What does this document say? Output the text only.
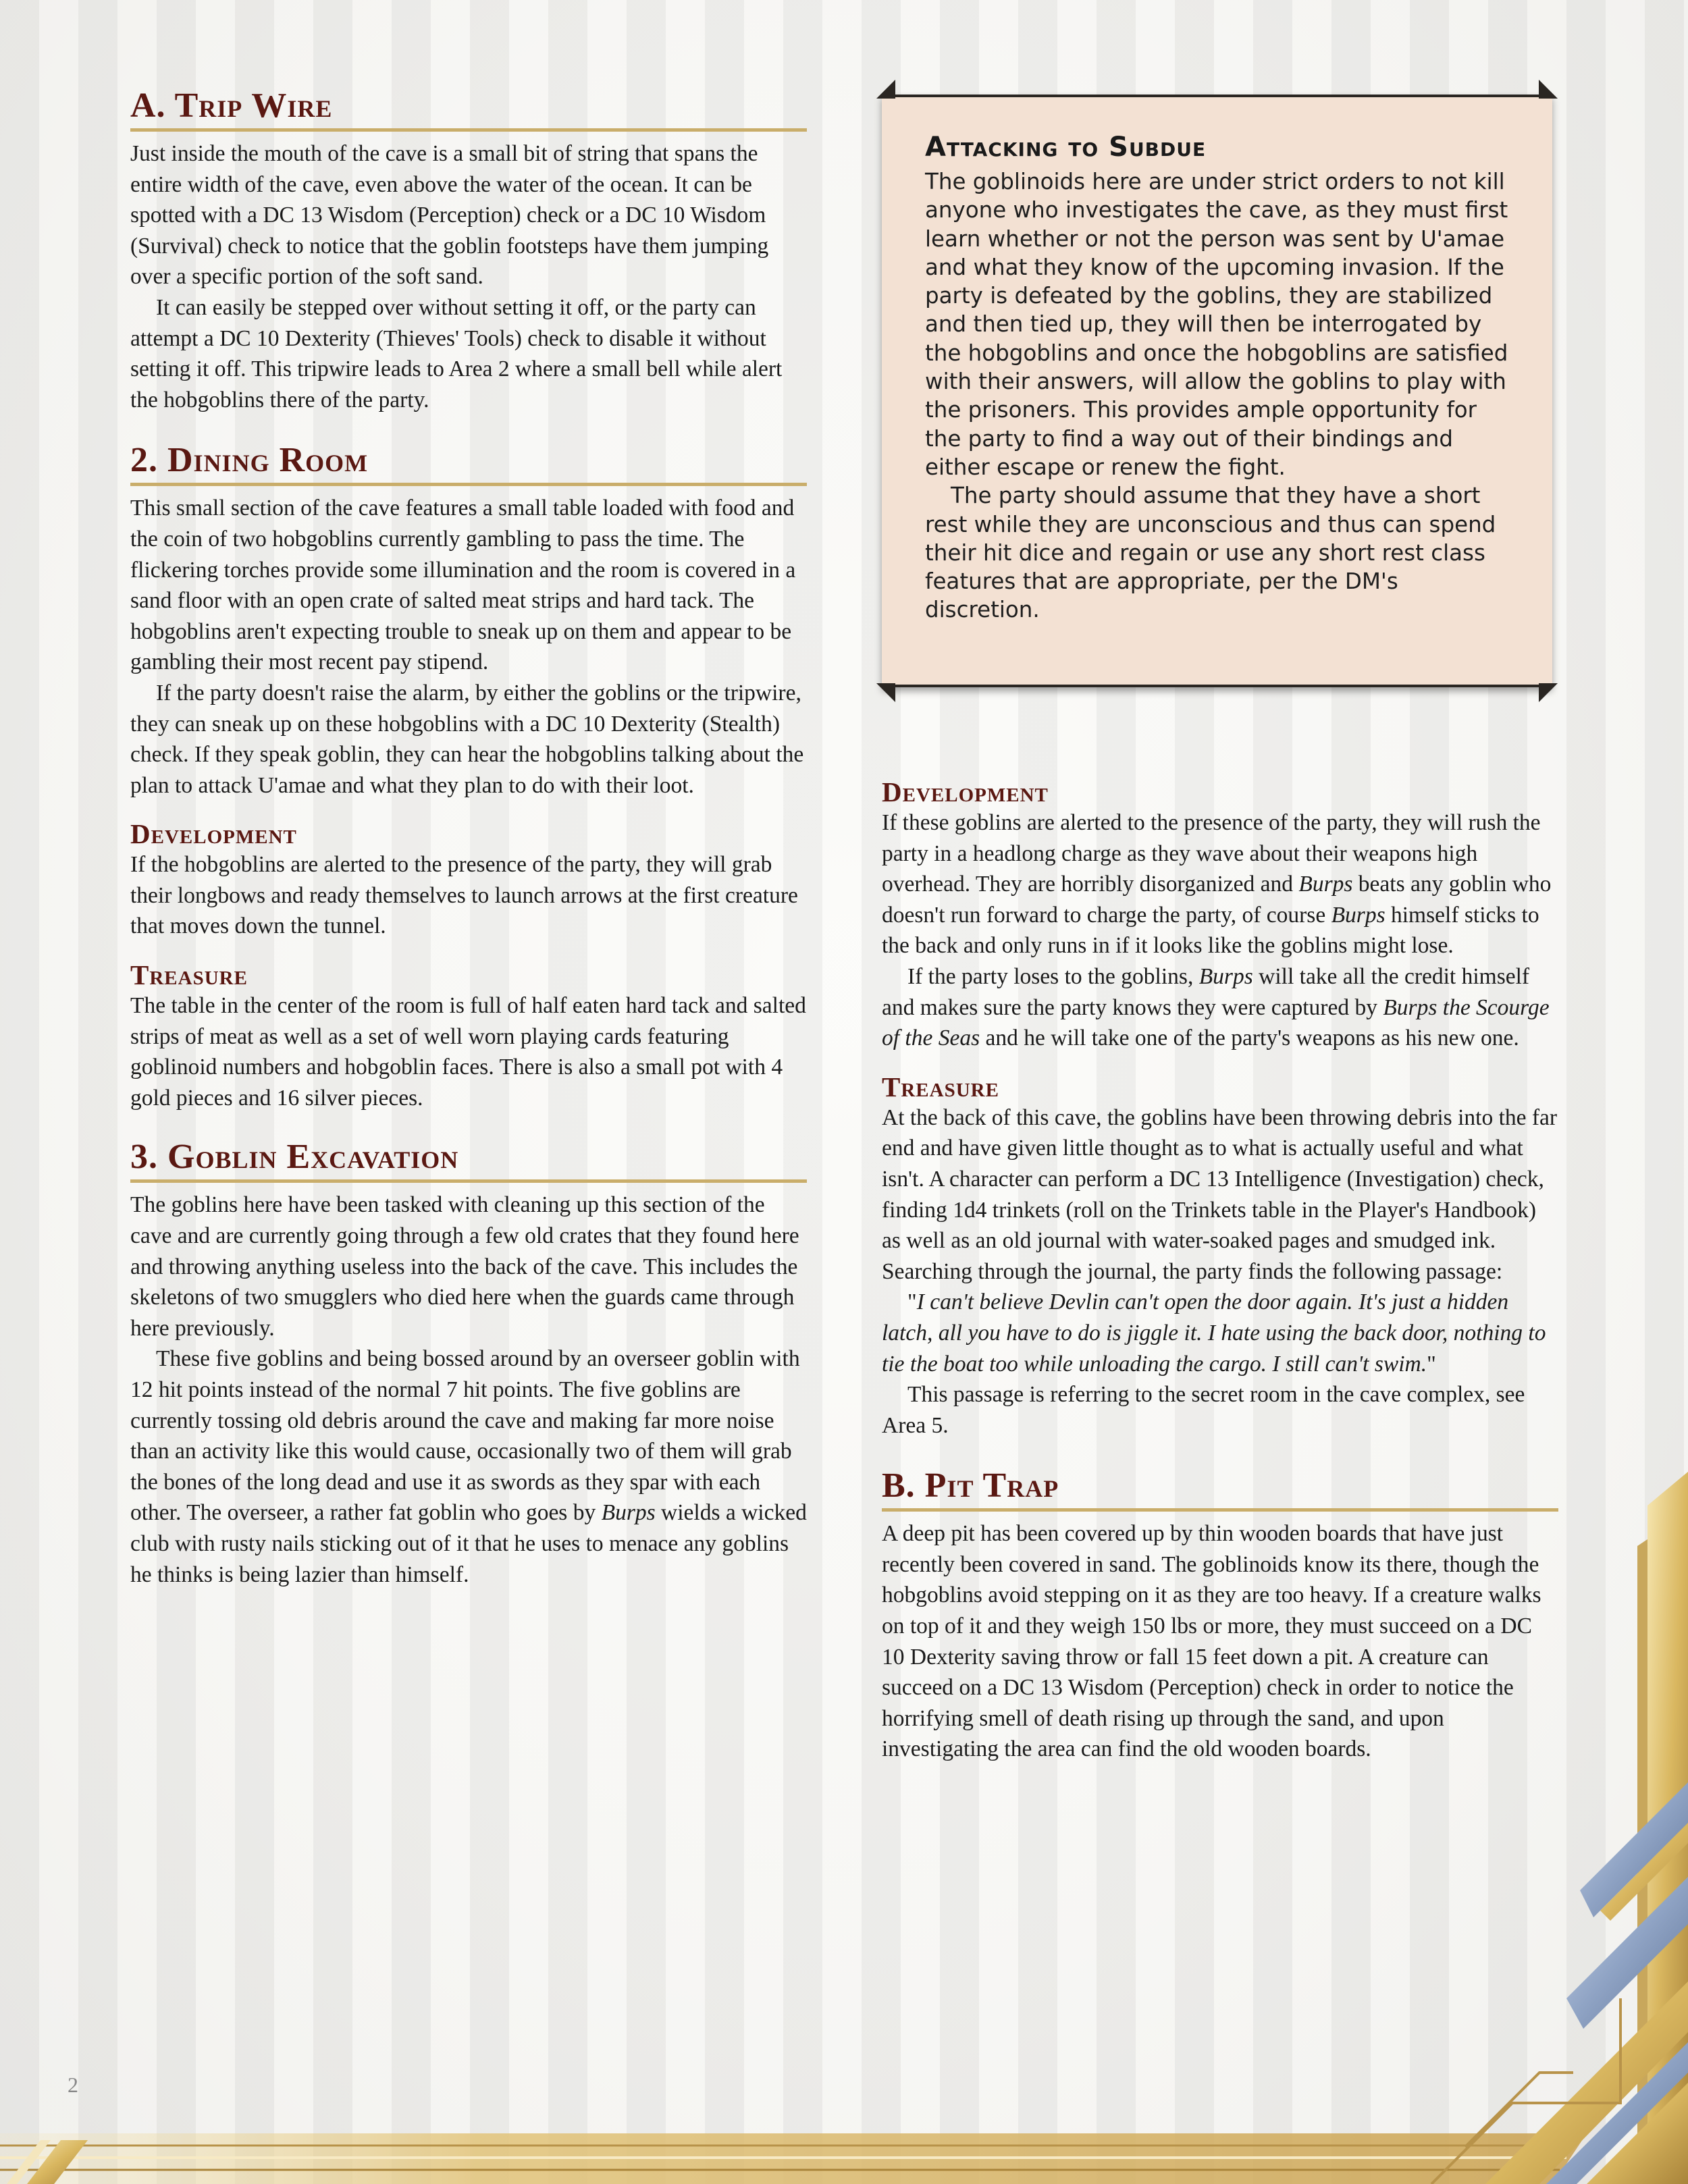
A. Trip Wire

Just inside the mouth of the cave is a small bit of string that spans the entire width of the cave, even above the water of the ocean. It can be spotted with a DC 13 Wisdom (Perception) check or a DC 10 Wisdom (Survival) check to notice that the goblin footsteps have them jumping over a specific portion of the soft sand.

It can easily be stepped over without setting it off, or the party can attempt a DC 10 Dexterity (Thieves' Tools) check to disable it without setting it off. This tripwire leads to Area 2 where a small bell while alert the hobgoblins there of the party.

2. Dining Room

This small section of the cave features a small table loaded with food and the coin of two hobgoblins currently gambling to pass the time. The flickering torches provide some illumination and the room is covered in a sand floor with an open crate of salted meat strips and hard tack. The hobgoblins aren't expecting trouble to sneak up on them and appear to be gambling their most recent pay stipend.

If the party doesn't raise the alarm, by either the goblins or the tripwire, they can sneak up on these hobgoblins with a DC 10 Dexterity (Stealth) check. If they speak goblin, they can hear the hobgoblins talking about the plan to attack U'amae and what they plan to do with their loot.

Development

If the hobgoblins are alerted to the presence of the party, they will grab their longbows and ready themselves to launch arrows at the first creature that moves down the tunnel.

Treasure

The table in the center of the room is full of half eaten hard tack and salted strips of meat as well as a set of well worn playing cards featuring goblinoid numbers and hobgoblin faces. There is also a small pot with 4 gold pieces and 16 silver pieces.

3. Goblin Excavation

The goblins here have been tasked with cleaning up this section of the cave and are currently going through a few old crates that they found here and throwing anything useless into the back of the cave. This includes the skeletons of two smugglers who died here when the guards came through here previously.

These five goblins and being bossed around by an overseer goblin with 12 hit points instead of the normal 7 hit points. The five goblins are currently tossing old debris around the cave and making far more noise than an activity like this would cause, occasionally two of them will grab the bones of the long dead and use it as swords as they spar with each other. The overseer, a rather fat goblin who goes by Burps wields a wicked club with rusty nails sticking out of it that he uses to menace any goblins he thinks is being lazier than himself.

Attacking to Subdue

The goblinoids here are under strict orders to not kill anyone who investigates the cave, as they must first learn whether or not the person was sent by U'amae and what they know of the upcoming invasion. If the party is defeated by the goblins, they are stabilized and then tied up, they will then be interrogated by the hobgoblins and once the hobgoblins are satisfied with their answers, will allow the goblins to play with the prisoners. This provides ample opportunity for the party to find a way out of their bindings and either escape or renew the fight.

The party should assume that they have a short rest while they are unconscious and thus can spend their hit dice and regain or use any short rest class features that are appropriate, per the DM's discretion.

Development

If these goblins are alerted to the presence of the party, they will rush the party in a headlong charge as they wave about their weapons high overhead. They are horribly disorganized and Burps beats any goblin who doesn't run forward to charge the party, of course Burps himself sticks to the back and only runs in if it looks like the goblins might lose.

If the party loses to the goblins, Burps will take all the credit himself and makes sure the party knows they were captured by Burps the Scourge of the Seas and he will take one of the party's weapons as his new one.

Treasure

At the back of this cave, the goblins have been throwing debris into the far end and have given little thought as to what is actually useful and what isn't. A character can perform a DC 13 Intelligence (Investigation) check, finding 1d4 trinkets (roll on the Trinkets table in the Player's Handbook) as well as an old journal with water-soaked pages and smudged ink. Searching through the journal, the party finds the following passage:

"I can't believe Devlin can't open the door again. It's just a hidden latch, all you have to do is jiggle it. I hate using the back door, nothing to tie the boat too while unloading the cargo. I still can't swim."

This passage is referring to the secret room in the cave complex, see Area 5.

B. Pit Trap

A deep pit has been covered up by thin wooden boards that have just recently been covered in sand. The goblinoids know its there, though the hobgoblins avoid stepping on it as they are too heavy. If a creature walks on top of it and they weigh 150 lbs or more, they must succeed on a DC 10 Dexterity saving throw or fall 15 feet down a pit. A creature can succeed on a DC 13 Wisdom (Perception) check in order to notice the horrifying smell of death rising up through the sand, and upon investigating the area can find the old wooden boards.

2
